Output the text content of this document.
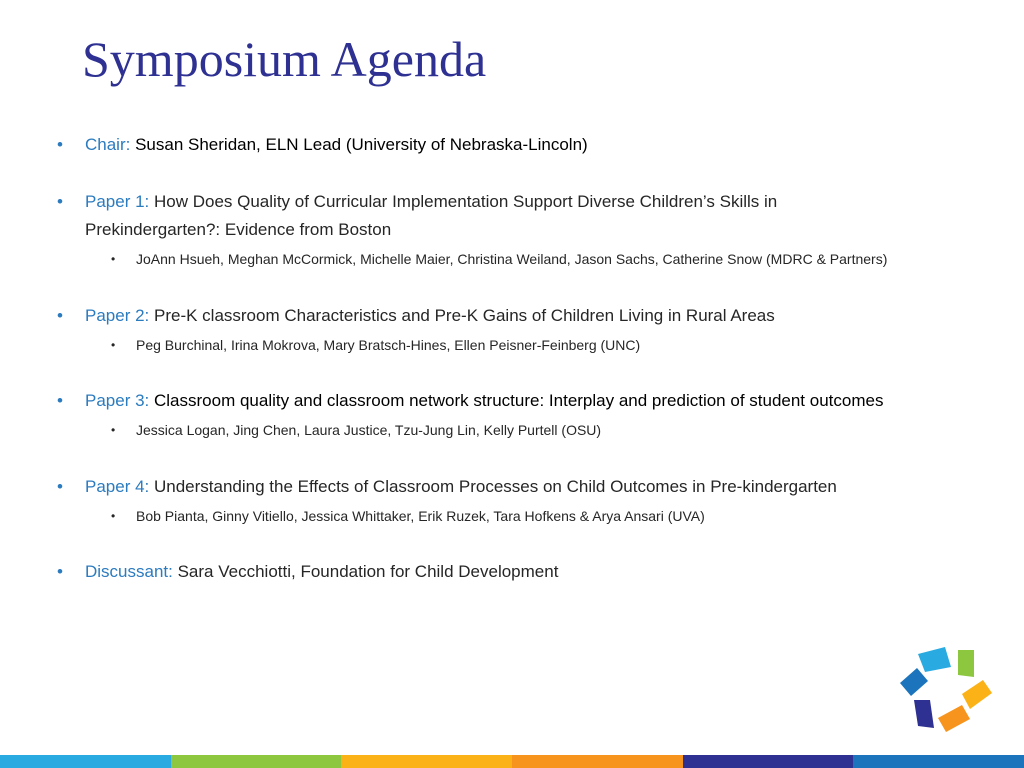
Symposium Agenda
• Chair: Susan Sheridan, ELN Lead (University of Nebraska-Lincoln)
• Paper 1: How Does Quality of Curricular Implementation Support Diverse Children’s Skills in
Prekindergarten?: Evidence from Boston
• JoAnn Hsueh, Meghan McCormick, Michelle Maier, Christina Weiland, Jason Sachs, Catherine Snow (MDRC & Partners)
• Paper 2: Pre-K classroom Characteristics and Pre-K Gains of Children Living in Rural Areas
• Peg Burchinal, Irina Mokrova, Mary Bratsch-Hines, Ellen Peisner-Feinberg (UNC)
• Paper 3: Classroom quality and classroom network structure: Interplay and prediction of student outcomes
• Jessica Logan, Jing Chen, Laura Justice, Tzu-Jung Lin, Kelly Purtell (OSU)
• Paper 4: Understanding the Effects of Classroom Processes on Child Outcomes in Pre-kindergarten
• Bob Pianta, Ginny Vitiello, Jessica Whittaker, Erik Ruzek, Tara Hofkens & Arya Ansari (UVA)
• Discussant: Sara Vecchiotti, Foundation for Child Development
